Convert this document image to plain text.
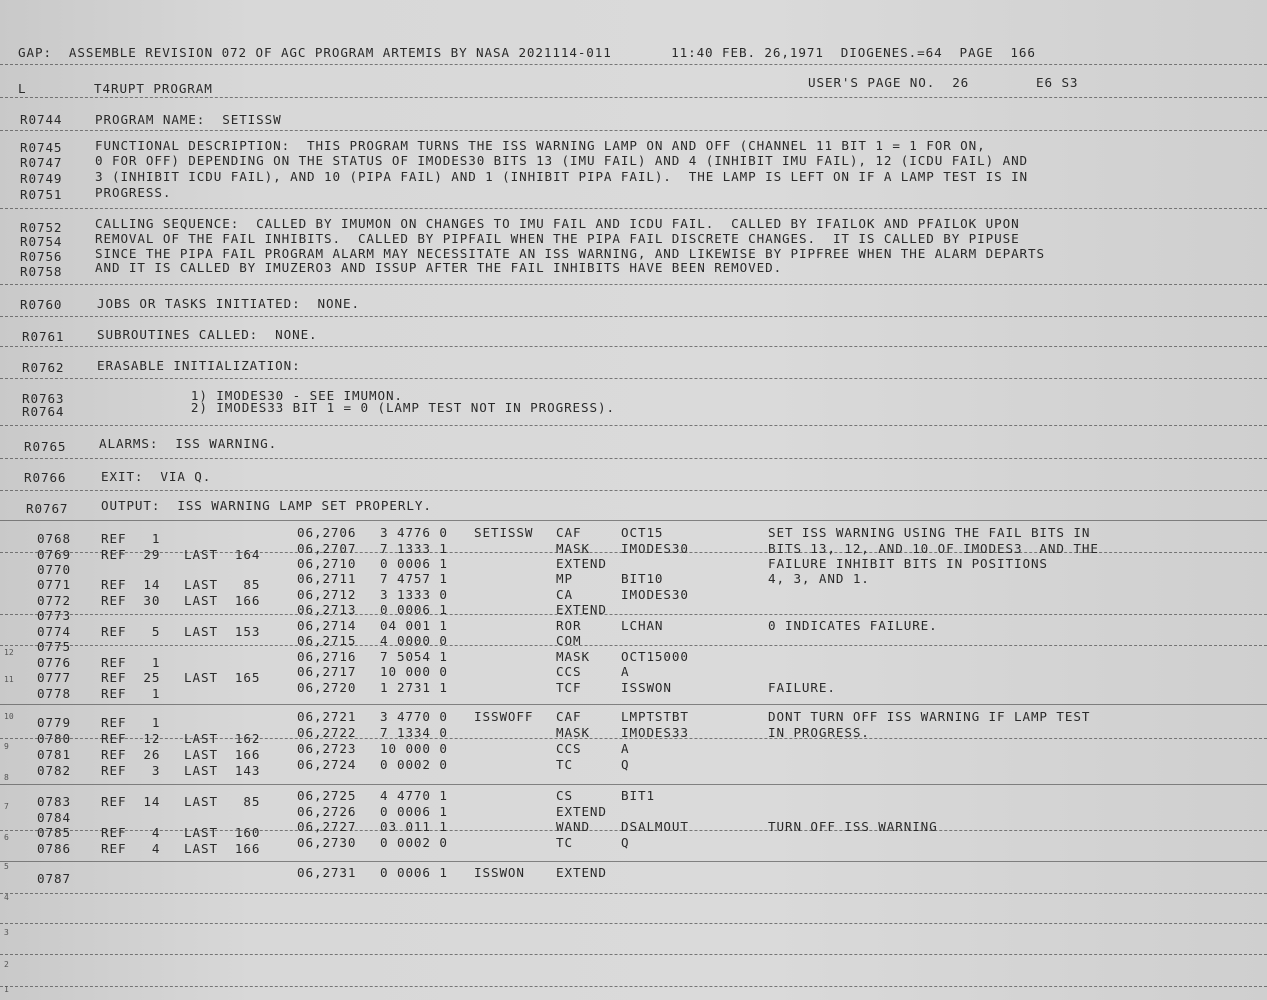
GAP:  ASSEMBLE REVISION 072 OF AGC PROGRAM ARTEMIS BY NASA 2021114-011       11:40 FEB. 26,1971  DIOGENES.=64  PAGE  166
L	T4RUPT PROGRAM	USER'S PAGE NO.  26	E6 S3
R0744	PROGRAM NAME:  SETISSW
R0745	FUNCTIONAL DESCRIPTION:  THIS PROGRAM TURNS THE ISS WARNING LAMP ON AND OFF (CHANNEL 11 BIT 1 = 1 FOR ON,
R0747	0 FOR OFF) DEPENDING ON THE STATUS OF IMODES30 BITS 13 (IMU FAIL) AND 4 (INHIBIT IMU FAIL), 12 (ICDU FAIL) AND
R0749	3 (INHIBIT ICDU FAIL), AND 10 (PIPA FAIL) AND 1 (INHIBIT PIPA FAIL).  THE LAMP IS LEFT ON IF A LAMP TEST IS IN
R0751	PROGRESS.
R0752	CALLING SEQUENCE:  CALLED BY IMUMON ON CHANGES TO IMU FAIL AND ICDU FAIL.  CALLED BY IFAILOK AND PFAILOK UPON
R0754	REMOVAL OF THE FAIL INHIBITS.  CALLED BY PIPFAIL WHEN THE PIPA FAIL DISCRETE CHANGES.  IT IS CALLED BY PIPUSE
R0756	SINCE THE PIPA FAIL PROGRAM ALARM MAY NECESSITATE AN ISS WARNING, AND LIKEWISE BY PIPFREE WHEN THE ALARM DEPARTS
R0758	AND IT IS CALLED BY IMUZERO3 AND ISSUP AFTER THE FAIL INHIBITS HAVE BEEN REMOVED.
R0760	JOBS OR TASKS INITIATED:  NONE.
R0761	SUBROUTINES CALLED:  NONE.
R0762	ERASABLE INITIALIZATION:
R0763	1) IMODES30 - SEE IMUMON.
R0764	2) IMODES33 BIT 1 = 0 (LAMP TEST NOT IN PROGRESS).
R0765	ALARMS:  ISS WARNING.
R0766	EXIT:  VIA Q.
R0767	OUTPUT:  ISS WARNING LAMP SET PROPERLY.
0768 REF   1	06,2706 3 4776 0 SETISSW CAF	OCT15	SET ISS WARNING USING THE FAIL BITS IN
0769 REF  29 LAST  164	06,2707 7 1333 1	MASK IMODES30	BITS 13, 12, AND 10 OF IMODES3  AND THE
0770	06,2710 0 0006 1	EXTEND	FAILURE INHIBIT BITS IN POSITIONS
0771 REF  14 LAST   85	06,2711 7 4757 1	MP	BIT10	4, 3, AND 1.
0772 REF  30 LAST  166	06,2712 3 1333 0	CA	IMODES30
0773	06,2713 0 0006 1	EXTEND
0774 REF   5 LAST  153	06,2714 04 001 1	ROR	LCHAN	0 INDICATES FAILURE.
0775	06,2715 4 0000 0	COM
0776 REF   1	06,2716 7 5054 1	MASK OCT15000
0777 REF  25 LAST  165	06,2717 10 000 0	CCS	A
0778 REF   1	06,2720 1 2731 1	TCF	ISSWON	FAILURE.
0779 REF   1	06,2721 3 4770 0 ISSWOFF CAF	LMPTSTBT	DONT TURN OFF ISS WARNING IF LAMP TEST
0780 REF  12 LAST  162	06,2722 7 1334 0	MASK IMODES33	IN PROGRESS.
0781 REF  26 LAST  166	06,2723 10 000 0	CCS	A
0782 REF   3 LAST  143	06,2724 0 0002 0	TC	Q
0783 REF  14 LAST   85	06,2725 4 4770 1	CS	BIT1
0784	06,2726 0 0006 1	EXTEND
0785 REF   4 LAST  160	06,2727 03 011 1	WAND DSALMOUT	TURN OFF ISS WARNING
0786 REF   4 LAST  166	06,2730 0 0002 0	TC	Q
0787	06,2731 0 0006 1 ISSWON EXTEND
12
11
10
9
8
7
6
5
4
3
2
1
